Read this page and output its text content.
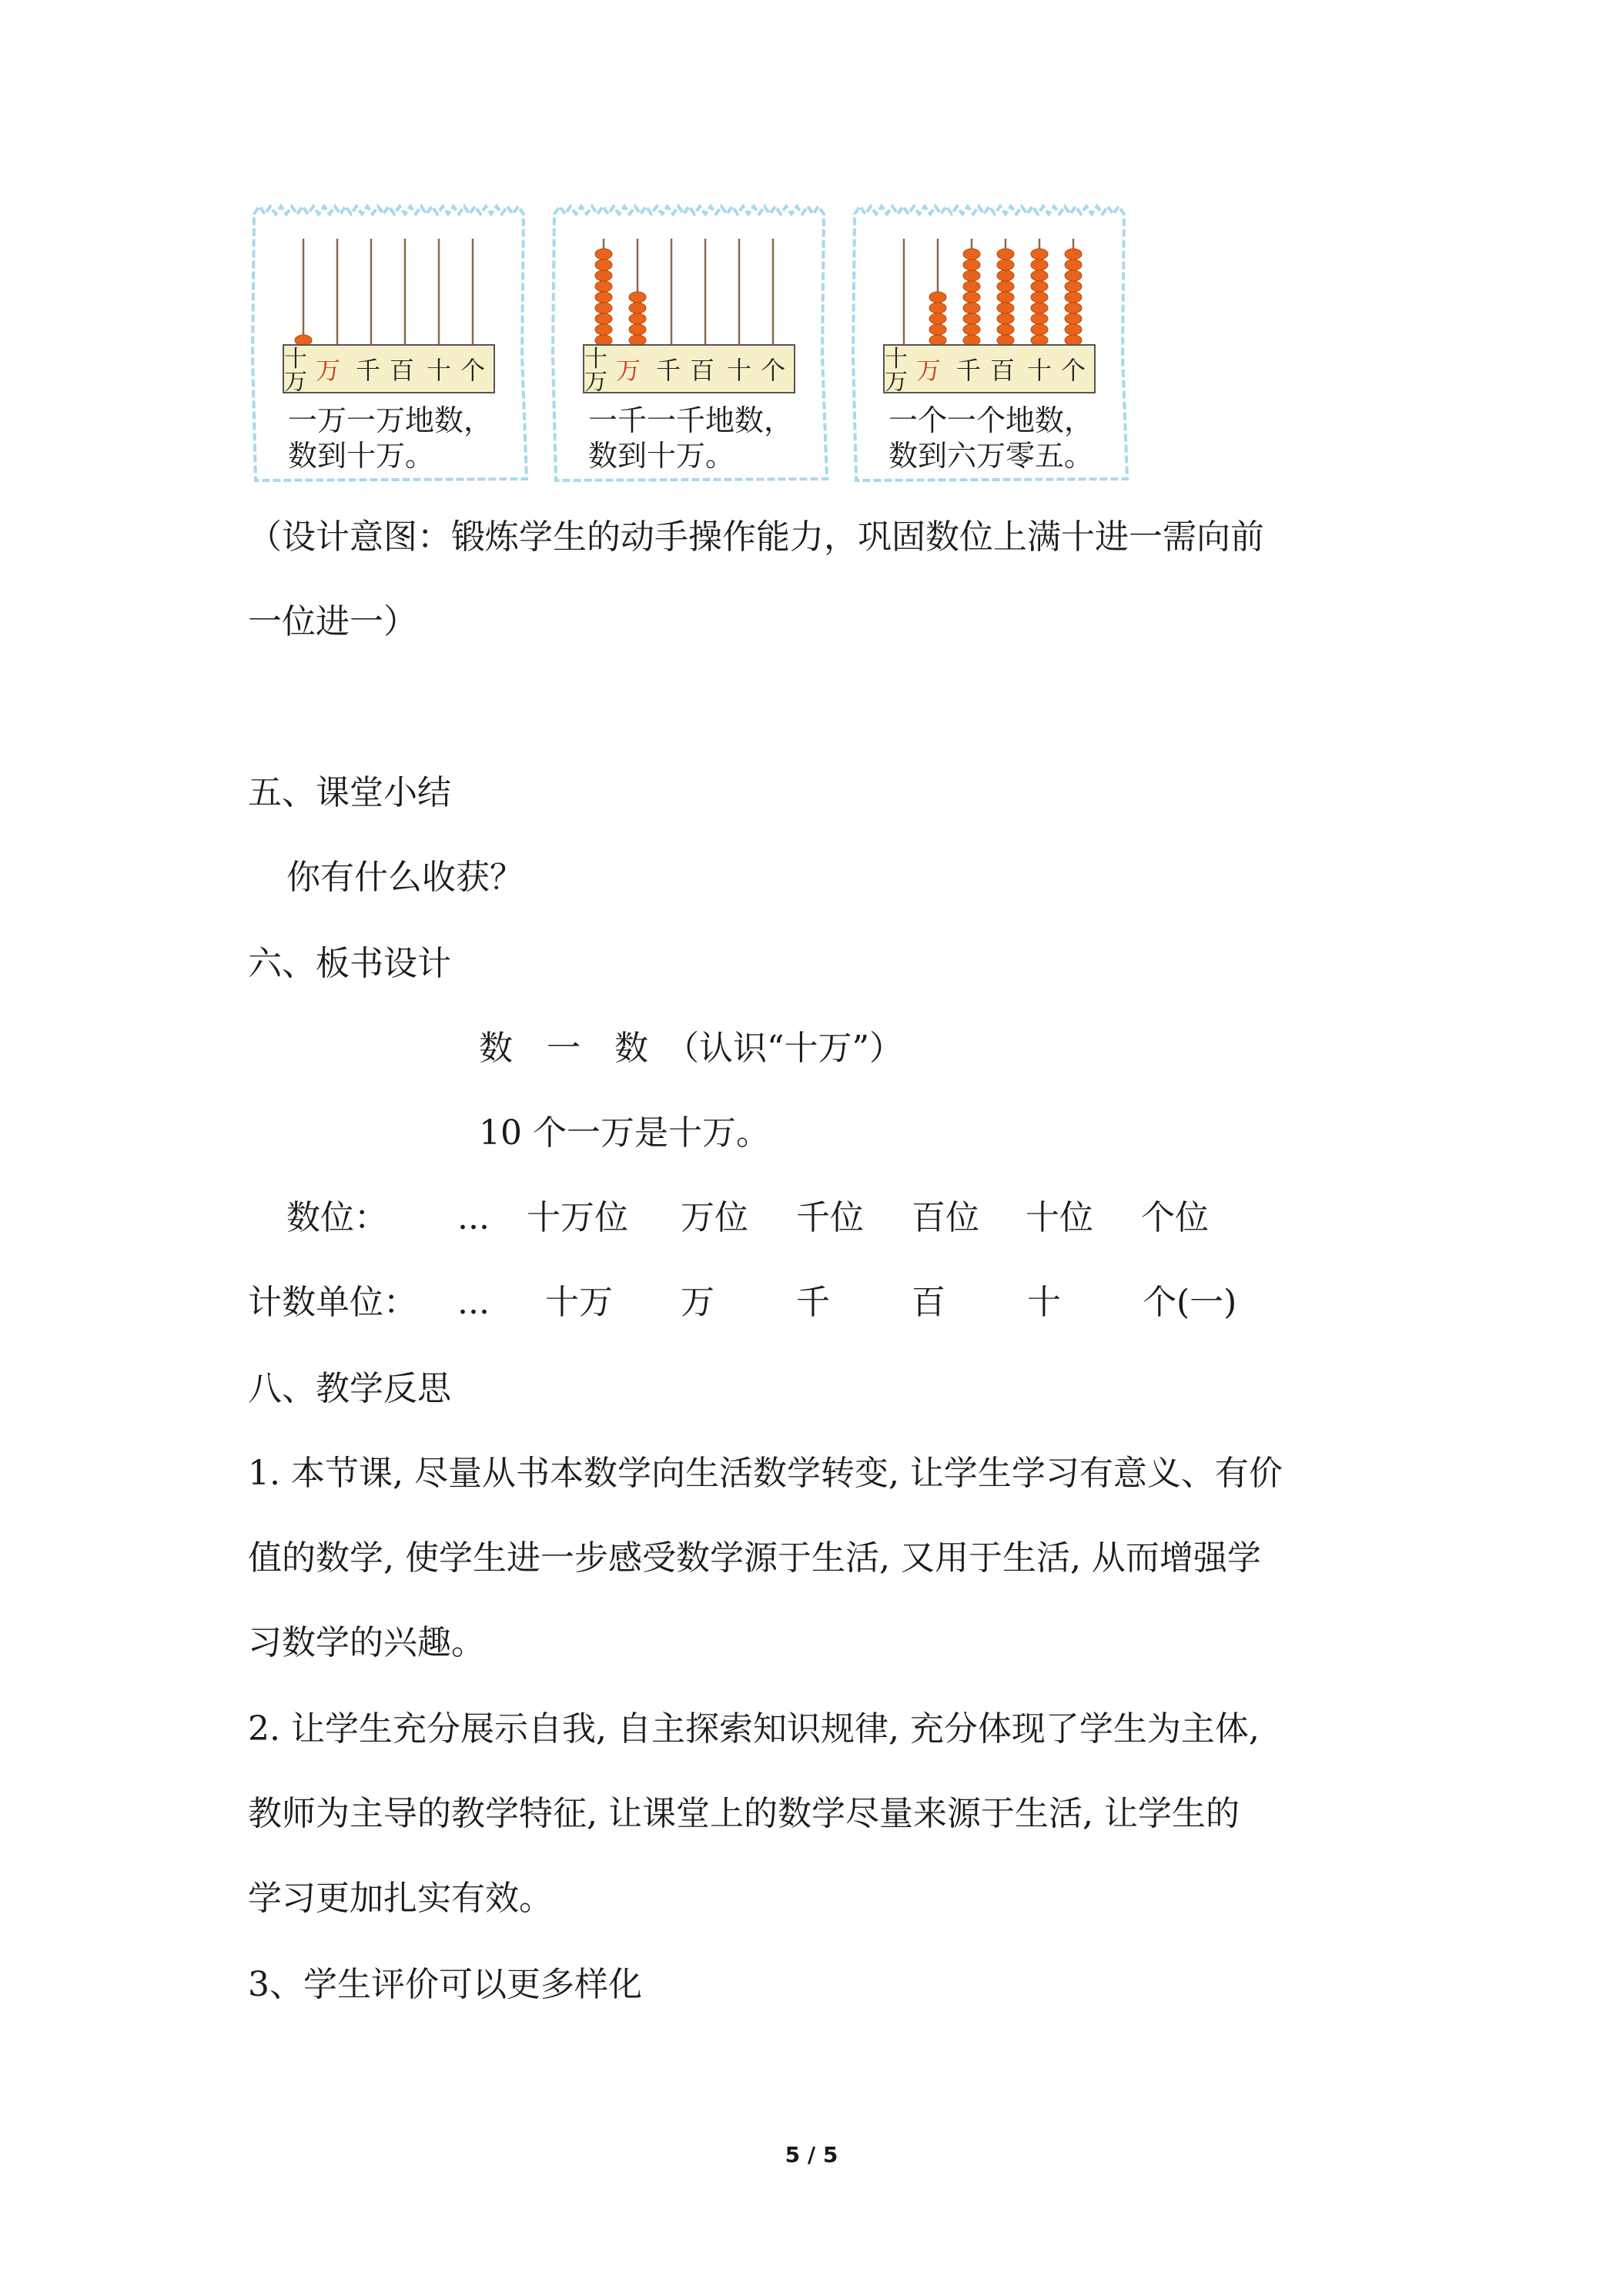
十
万 万 千 百 十 个
一万一万地数，
数到十万。
十
万 万 千 百 十 个
一千一千地数，
数到十万。
十
万 万 千 百 十 个
一个一个地数，
数到六万零五。
（设计意图：锻炼学生的动手操作能力，巩固数位上满十进一需向前
一位进一）
五、课堂小结
你有什么收获？
六、板书设计
数　一　数　（认识“十万”）
10 个一万是十万。
数位： ... 十万位 万位 千位 百位 十位 个位
计数单位： ... 十万 万 千 百 十 个(一)
八、教学反思
1. 本节课, 尽量从书本数学向生活数学转变, 让学生学习有意义、有价
值的数学, 使学生进一步感受数学源于生活, 又用于生活, 从而增强学
习数学的兴趣。
2. 让学生充分展示自我, 自主探索知识规律, 充分体现了学生为主体,
教师为主导的教学特征, 让课堂上的数学尽量来源于生活, 让学生的
学习更加扎实有效。
3、学生评价可以更多样化
5 / 5
